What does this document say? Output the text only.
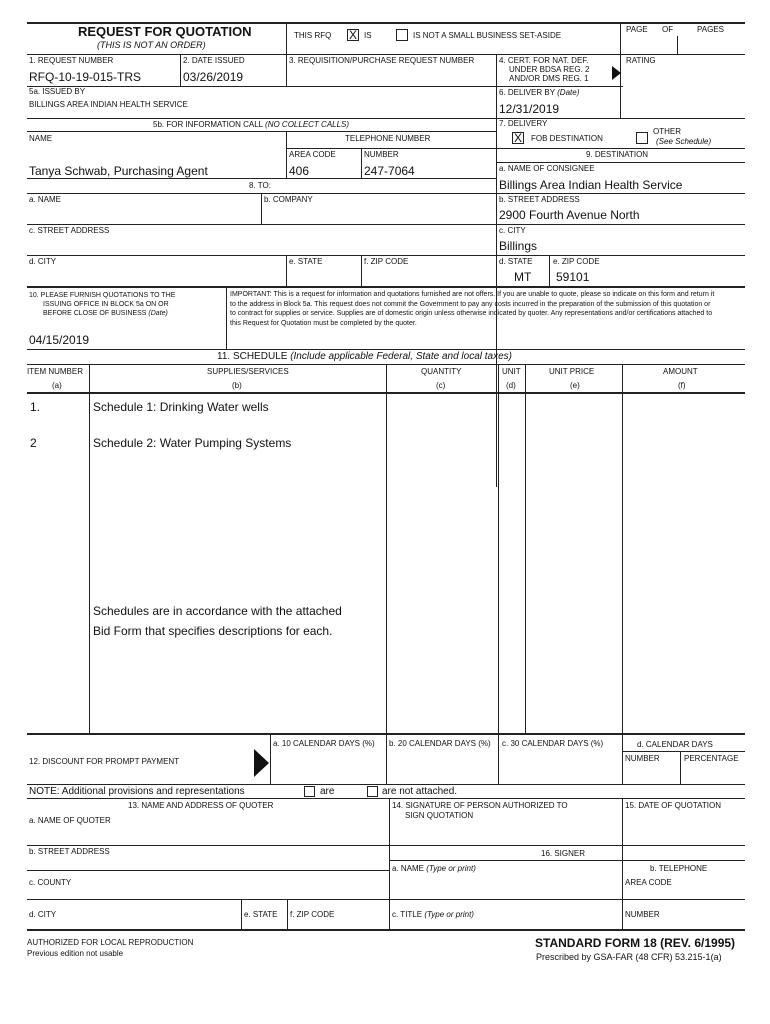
REQUEST FOR QUOTATION
(THIS IS NOT AN ORDER)
THIS RFQ X IS	IS NOT A SMALL BUSINESS SET-ASIDE
PAGE OF	PAGES
1. REQUEST NUMBER
RFQ-10-19-015-TRS
2. DATE ISSUED
03/26/2019
3. REQUISITION/PURCHASE REQUEST NUMBER	4. CERT. FOR NAT. DEF.
UNDER BDSA REG. 2
AND/OR DMS REG. 1
RATING
5a. ISSUED BY
BILLINGS AREA INDIAN HEALTH SERVICE
6. DELIVER BY (Date)
12/31/2019
5b. FOR INFORMATION CALL (NO COLLECT CALLS)
NAME	TELEPHONE NUMBER
AREA CODE	NUMBER
Tanya Schwab, Purchasing Agent	406	247-7064
7. DELIVERY
X FOB DESTINATION
OTHER
(See Schedule)
9. DESTINATION
a. NAME OF CONSIGNEE
Billings Area Indian Health Service
b. STREET ADDRESS
2900 Fourth Avenue North
c. CITY
Billings
d. STATE
MT
e. ZIP CODE
59101
8. TO:
a. NAME	b. COMPANY
c. STREET ADDRESS
d. CITY	e. STATE	f. ZIP CODE
10. PLEASE FURNISH QUOTATIONS TO THE
ISSUING OFFICE IN BLOCK 5a ON OR
BEFORE CLOSE OF BUSINESS (Date)
04/15/2019
IMPORTANT: This is a request for information and quotations furnished are not offers. If you are unable to quote, please so indicate on this form and return it to the address in Block 5a. This request does not commit the Government to pay any costs incurred in the preparation of the submission of this quotation or to contract for supplies or service. Supplies are of domestic origin unless otherwise indicated by quoter. Any representations and/or certifications attached to this Request for Quotation must be completed by the quoter.
11. SCHEDULE (Include applicable Federal, State and local taxes)
ITEM NUMBER
(a)
SUPPLIES/SERVICES
(b)
QUANTITY
(c)
UNIT
(d)
UNIT PRICE
(e)
AMOUNT
(f)
1.	Schedule 1: Drinking Water wells
2	Schedule 2: Water Pumping Systems
Schedules are in accordance with the attached
Bid Form that specifies descriptions for each.
12. DISCOUNT FOR PROMPT PAYMENT
a. 10 CALENDAR DAYS (%) b. 20 CALENDAR DAYS (%) c. 30 CALENDAR DAYS (%)	d. CALENDAR DAYS
NUMBER	PERCENTAGE
NOTE: Additional provisions and representations	are	are not attached.
13. NAME AND ADDRESS OF QUOTER
a. NAME OF QUOTER
b. STREET ADDRESS
c. COUNTY
d. CITY	e. STATE f. ZIP CODE
14. SIGNATURE OF PERSON AUTHORIZED TO
SIGN QUOTATION
15. DATE OF QUOTATION
16. SIGNER
a. NAME (Type or print)	b. TELEPHONE
AREA CODE
c. TITLE (Type or print)	NUMBER
AUTHORIZED FOR LOCAL REPRODUCTION
Previous edition not usable
STANDARD FORM 18 (REV. 6/1995)
Prescribed by GSA-FAR (48 CFR) 53.215-1(a)
